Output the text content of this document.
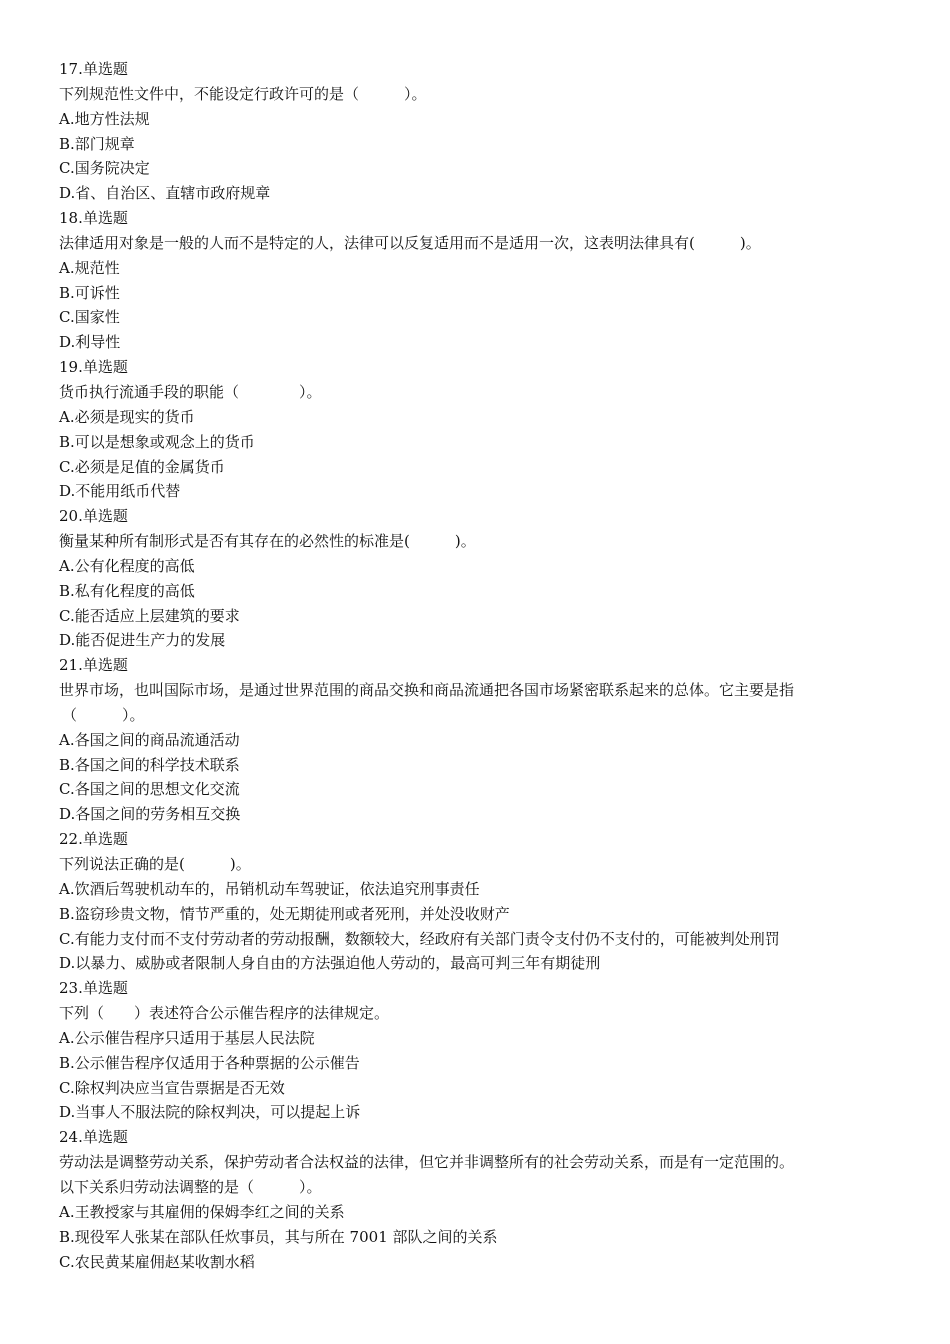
17.单选题
下列规范性文件中，不能设定行政许可的是（　　　）。
A.地方性法规
B.部门规章
C.国务院决定
D.省、自治区、直辖市政府规章
18.单选题
法律适用对象是一般的人而不是特定的人，法律可以反复适用而不是适用一次，这表明法律具有(　　　)。
A.规范性
B.可诉性
C.国家性
D.利导性
19.单选题
货币执行流通手段的职能（　　　　）。
A.必须是现实的货币
B.可以是想象或观念上的货币
C.必须是足值的金属货币
D.不能用纸币代替
20.单选题
衡量某种所有制形式是否有其存在的必然性的标准是(　　　)。
A.公有化程度的高低
B.私有化程度的高低
C.能否适应上层建筑的要求
D.能否促进生产力的发展
21.单选题
世界市场，也叫国际市场，是通过世界范围的商品交换和商品流通把各国市场紧密联系起来的总体。它主要是指
（　　　）。
A.各国之间的商品流通活动
B.各国之间的科学技术联系
C.各国之间的思想文化交流
D.各国之间的劳务相互交换
22.单选题
下列说法正确的是(　　　)。
A.饮酒后驾驶机动车的，吊销机动车驾驶证，依法追究刑事责任
B.盗窃珍贵文物，情节严重的，处无期徒刑或者死刑，并处没收财产
C.有能力支付而不支付劳动者的劳动报酬，数额较大，经政府有关部门责令支付仍不支付的，可能被判处刑罚
D.以暴力、威胁或者限制人身自由的方法强迫他人劳动的，最高可判三年有期徒刑
23.单选题
下列（　　）表述符合公示催告程序的法律规定。
A.公示催告程序只适用于基层人民法院
B.公示催告程序仅适用于各种票据的公示催告
C.除权判决应当宣告票据是否无效
D.当事人不服法院的除权判决，可以提起上诉
24.单选题
劳动法是调整劳动关系，保护劳动者合法权益的法律，但它并非调整所有的社会劳动关系，而是有一定范围的。
以下关系归劳动法调整的是（　　　）。
A.王教授家与其雇佣的保姆李红之间的关系
B.现役军人张某在部队任炊事员，其与所在 7001 部队之间的关系
C.农民黄某雇佣赵某收割水稻
